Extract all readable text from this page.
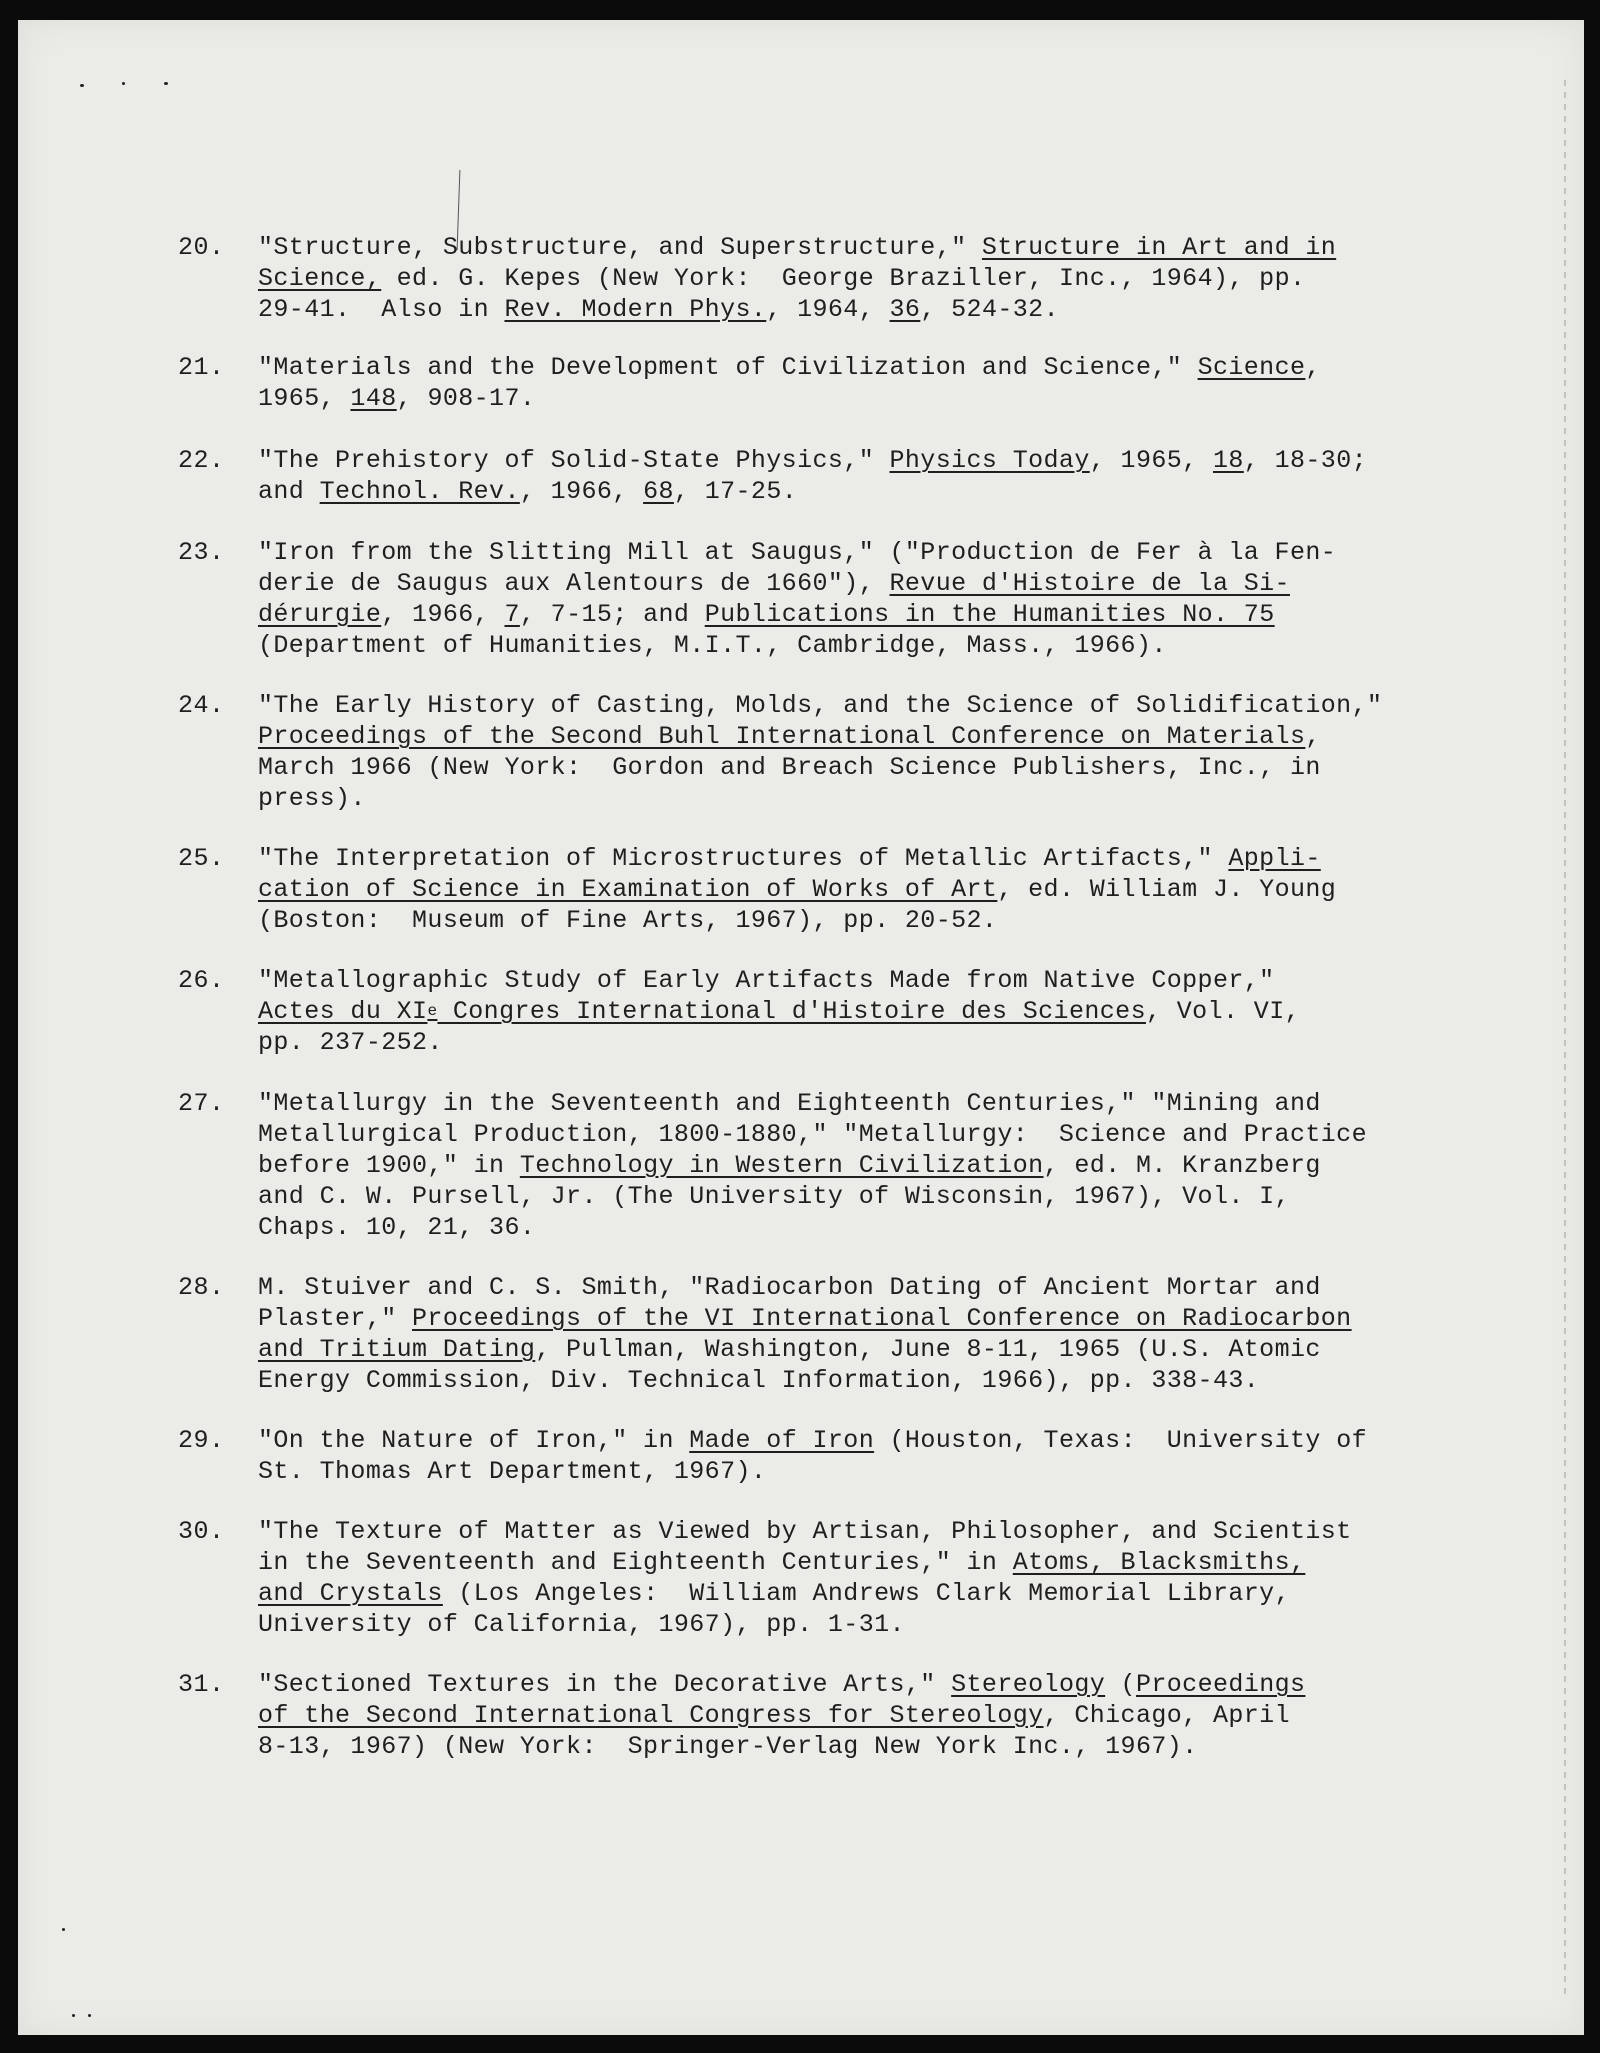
20. "Structure, Substructure, and Superstructure," Structure in Art and in
Science, ed. G. Kepes (New York:  George Braziller, Inc., 1964), pp.
29-41.  Also in Rev. Modern Phys., 1964, 36, 524-32.
21. "Materials and the Development of Civilization and Science," Science,
1965, 148, 908-17.
22. "The Prehistory of Solid-State Physics," Physics Today, 1965, 18, 18-30;
and Technol. Rev., 1966, 68, 17-25.
23. "Iron from the Slitting Mill at Saugus," ("Production de Fer à la Fen-
derie de Saugus aux Alentours de 1660"), Revue d'Histoire de la Si-
dérurgie, 1966, 7, 7-15; and Publications in the Humanities No. 75
(Department of Humanities, M.I.T., Cambridge, Mass., 1966).
24. "The Early History of Casting, Molds, and the Science of Solidification,"
Proceedings of the Second Buhl International Conference on Materials,
March 1966 (New York:  Gordon and Breach Science Publishers, Inc., in
press).
25. "The Interpretation of Microstructures of Metallic Artifacts," Appli-
cation of Science in Examination of Works of Art, ed. William J. Young
(Boston:  Museum of Fine Arts, 1967), pp. 20-52.
26. "Metallographic Study of Early Artifacts Made from Native Copper,"
Actes du XIe Congres International d'Histoire des Sciences, Vol. VI,
pp. 237-252.
27. "Metallurgy in the Seventeenth and Eighteenth Centuries," "Mining and
Metallurgical Production, 1800-1880," "Metallurgy:  Science and Practice
before 1900," in Technology in Western Civilization, ed. M. Kranzberg
and C. W. Pursell, Jr. (The University of Wisconsin, 1967), Vol. I,
Chaps. 10, 21, 36.
28. M. Stuiver and C. S. Smith, "Radiocarbon Dating of Ancient Mortar and
Plaster," Proceedings of the VI International Conference on Radiocarbon
and Tritium Dating, Pullman, Washington, June 8-11, 1965 (U.S. Atomic
Energy Commission, Div. Technical Information, 1966), pp. 338-43.
29. "On the Nature of Iron," in Made of Iron (Houston, Texas:  University of
St. Thomas Art Department, 1967).
30. "The Texture of Matter as Viewed by Artisan, Philosopher, and Scientist
in the Seventeenth and Eighteenth Centuries," in Atoms, Blacksmiths,
and Crystals (Los Angeles:  William Andrews Clark Memorial Library,
University of California, 1967), pp. 1-31.
31. "Sectioned Textures in the Decorative Arts," Stereology (Proceedings
of the Second International Congress for Stereology, Chicago, April
8-13, 1967) (New York:  Springer-Verlag New York Inc., 1967).
